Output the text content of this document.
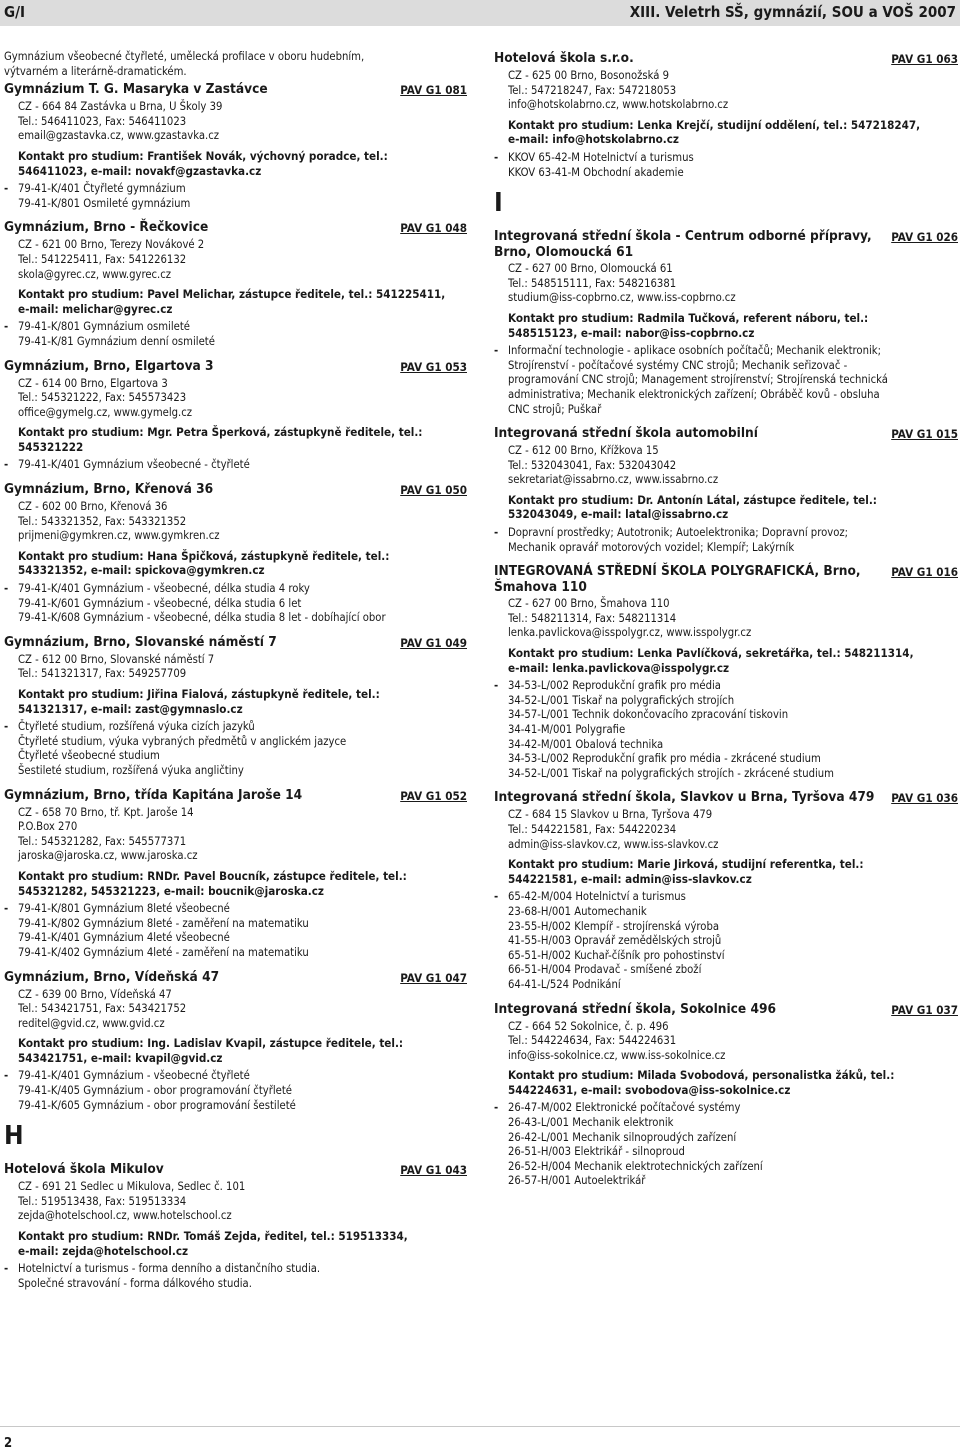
G/I	XIII. Veletrh SŠ, gymnázií, SOU a VOŠ 2007
Gymnázium všeobecné čtyřleté, umělecká profilace v oboru hudebním,
výtvarném a literárně-dramatickém.
Gymnázium T. G. Masaryka v Zastávce	PAV G1 081
CZ - 664 84 Zastávka u Brna, U Školy 39
Tel.: 546411023, Fax: 546411023
email@gzastavka.cz, www.gzastavka.cz
Kontakt pro studium: František Novák, výchovný poradce, tel.:
546411023, e-mail: novakf@gzastavka.cz
- 79-41-K/401 Čtyřleté gymnázium
79-41-K/801 Osmileté gymnázium
Gymnázium, Brno - Řečkovice	PAV G1 048
CZ - 621 00 Brno, Terezy Novákové 2
Tel.: 541225411, Fax: 541226132
skola@gyrec.cz, www.gyrec.cz
Kontakt pro studium: Pavel Melichar, zástupce ředitele, tel.: 541225411,
e-mail: melichar@gyrec.cz
- 79-41-K/801 Gymnázium osmileté
79-41-K/81 Gymnázium denní osmileté
Gymnázium, Brno, Elgartova 3	PAV G1 053
CZ - 614 00 Brno, Elgartova 3
Tel.: 545321222, Fax: 545573423
office@gymelg.cz, www.gymelg.cz
Kontakt pro studium: Mgr. Petra Šperková, zástupkyně ředitele, tel.:
545321222
- 79-41-K/401 Gymnázium všeobecné - čtyřleté
Gymnázium, Brno, Křenová 36	PAV G1 050
CZ - 602 00 Brno, Křenová 36
Tel.: 543321352, Fax: 543321352
prijmeni@gymkren.cz, www.gymkren.cz
Kontakt pro studium: Hana Špičková, zástupkyně ředitele, tel.:
543321352, e-mail: spickova@gymkren.cz
- 79-41-K/401 Gymnázium - všeobecné, délka studia 4 roky
79-41-K/601 Gymnázium - všeobecné, délka studia 6 let
79-41-K/608 Gymnázium - všeobecné, délka studia 8 let - dobíhající obor
Gymnázium, Brno, Slovanské náměstí 7	PAV G1 049
CZ - 612 00 Brno, Slovanské náměstí 7
Tel.: 541321317, Fax: 549257709
Kontakt pro studium: Jiřina Fialová, zástupkyně ředitele, tel.:
541321317, e-mail: zast@gymnaslo.cz
- Čtyřleté studium, rozšířená výuka cizích jazyků
Čtyřleté studium, výuka vybraných předmětů v anglickém jazyce
Čtyřleté všeobecné studium
Šestileté studium, rozšířená výuka angličtiny
Gymnázium, Brno, třída Kapitána Jaroše 14	PAV G1 052
CZ - 658 70 Brno, tř. Kpt. Jaroše 14
P.O.Box 270
Tel.: 545321282, Fax: 545577371
jaroska@jaroska.cz, www.jaroska.cz
Kontakt pro studium: RNDr. Pavel Boucník, zástupce ředitele, tel.:
545321282, 545321223, e-mail: boucnik@jaroska.cz
- 79-41-K/801 Gymnázium 8leté všeobecné
79-41-K/802 Gymnázium 8leté - zaměření na matematiku
79-41-K/401 Gymnázium 4leté všeobecné
79-41-K/402 Gymnázium 4leté - zaměření na matematiku
Gymnázium, Brno, Vídeňská 47	PAV G1 047
CZ - 639 00 Brno, Vídeňská 47
Tel.: 543421751, Fax: 543421752
reditel@gvid.cz, www.gvid.cz
Kontakt pro studium: Ing. Ladislav Kvapil, zástupce ředitele, tel.:
543421751, e-mail: kvapil@gvid.cz
- 79-41-K/401 Gymnázium - všeobecné čtyřleté
79-41-K/405 Gymnázium - obor programování čtyřleté
79-41-K/605 Gymnázium - obor programování šestileté
H
Hotelová škola Mikulov	PAV G1 043
CZ - 691 21 Sedlec u Mikulova, Sedlec č. 101
Tel.: 519513438, Fax: 519513334
zejda@hotelschool.cz, www.hotelschool.cz
Kontakt pro studium: RNDr. Tomáš Zejda, ředitel, tel.: 519513334,
e-mail: zejda@hotelschool.cz
- Hotelnictví a turismus - forma denního a distančního studia.
Společné stravování - forma dálkového studia.
Hotelová škola s.r.o.	PAV G1 063
CZ - 625 00 Brno, Bosonožská 9
Tel.: 547218247, Fax: 547218053
info@hotskolabrno.cz, www.hotskolabrno.cz
Kontakt pro studium: Lenka Krejčí, studijní oddělení, tel.: 547218247,
e-mail: info@hotskolabrno.cz
- KKOV 65-42-M Hotelnictví a turismus
KKOV 63-41-M Obchodní akademie
I
Integrovaná střední škola - Centrum odborné přípravy, Brno, Olomoucká 61
PAV G1 026
CZ - 627 00 Brno, Olomoucká 61
Tel.: 548515111, Fax: 548216381
studium@iss-copbrno.cz, www.iss-copbrno.cz
Kontakt pro studium: Radmila Tučková, referent náboru, tel.:
548515123, e-mail: nabor@iss-copbrno.cz
- Informační technologie - aplikace osobních počítačů; Mechanik elektronik;
Strojírenství - počítačové systémy CNC strojů; Mechanik seřizovač -
programování CNC strojů; Management strojírenství; Strojírenská technická
administrativa; Mechanik elektronických zařízení; Obráběč kovů - obsluha
CNC strojů; Puškař
Integrovaná střední škola automobilní	PAV G1 015
CZ - 612 00 Brno, Křížkova 15
Tel.: 532043041, Fax: 532043042
sekretariat@issabrno.cz, www.issabrno.cz
Kontakt pro studium: Dr. Antonín Látal, zástupce ředitele, tel.:
532043049, e-mail: latal@issabrno.cz
- Dopravní prostředky; Autotronik; Autoelektronika; Dopravní provoz;
Mechanik opravář motorových vozidel; Klempíř; Lakýrník
INTEGROVANÁ STŘEDNÍ ŠKOLA POLYGRAFICKÁ, Brno, Šmahova 110
PAV G1 016
CZ - 627 00 Brno, Šmahova 110
Tel.: 548211314, Fax: 548211314
lenka.pavlickova@isspolygr.cz, www.isspolygr.cz
Kontakt pro studium: Lenka Pavlíčková, sekretářka, tel.: 548211314,
e-mail: lenka.pavlickova@isspolygr.cz
- 34-53-L/002 Reprodukční grafik pro média
34-52-L/001 Tiskař na polygrafických strojích
34-57-L/001 Technik dokončovacího zpracování tiskovin
34-41-M/001 Polygrafie
34-42-M/001 Obalová technika
34-53-L/002 Reprodukční grafik pro média - zkrácené studium
34-52-L/001 Tiskař na polygrafických strojích - zkrácené studium
Integrovaná střední škola, Slavkov u Brna, Tyršova 479	PAV G1 036
CZ - 684 15 Slavkov u Brna, Tyršova 479
Tel.: 544221581, Fax: 544220234
admin@iss-slavkov.cz, www.iss-slavkov.cz
Kontakt pro studium: Marie Jirková, studijní referentka, tel.:
544221581, e-mail: admin@iss-slavkov.cz
- 65-42-M/004 Hotelnictví a turismus
23-68-H/001 Automechanik
23-55-H/002 Klempíř - strojírenská výroba
41-55-H/003 Opravář zemědělských strojů
65-51-H/002 Kuchař-číšník pro pohostinství
66-51-H/004 Prodavač - smíšené zboží
64-41-L/524 Podnikání
Integrovaná střední škola, Sokolnice 496	PAV G1 037
CZ - 664 52 Sokolnice, č. p. 496
Tel.: 544224634, Fax: 544224631
info@iss-sokolnice.cz, www.iss-sokolnice.cz
Kontakt pro studium: Milada Svobodová, personalistka žáků, tel.:
544224631, e-mail: svobodova@iss-sokolnice.cz
- 26-47-M/002 Elektronické počítačové systémy
26-43-L/001 Mechanik elektronik
26-42-L/001 Mechanik silnoproudých zařízení
26-51-H/003 Elektrikář - silnoproud
26-52-H/004 Mechanik elektrotechnických zařízení
26-57-H/001 Autoelektrikář
2
